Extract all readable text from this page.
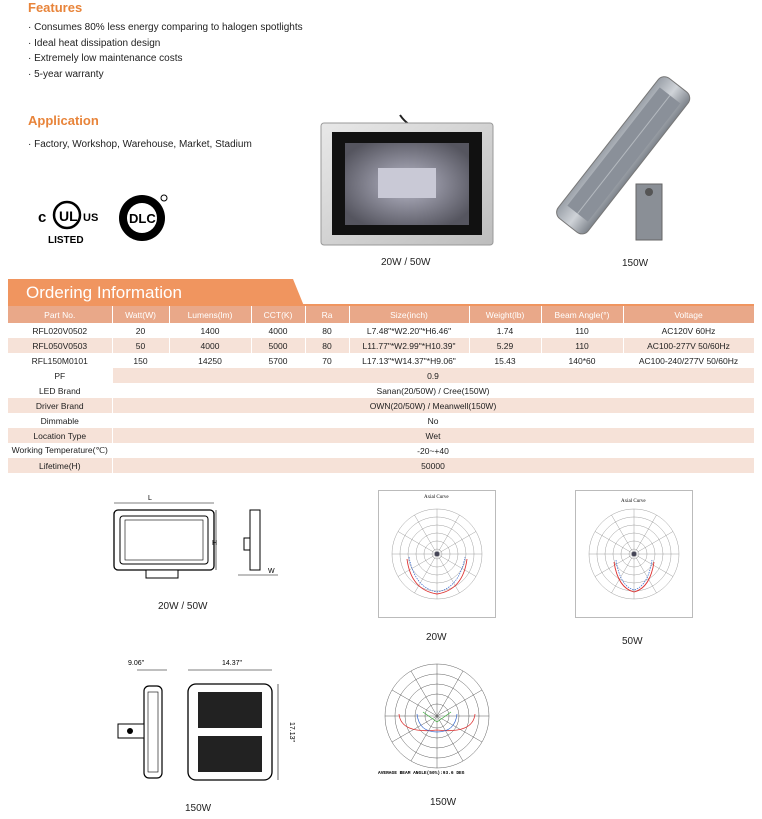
Features
· Consumes 80% less energy comparing to halogen spotlights
· Ideal heat dissipation design
· Extremely low maintenance costs
· 5-year warranty
Application
· Factory, Workshop, Warehouse, Market, Stadium
c UL US
LISTED
DLC
20W / 50W	150W
Ordering Information
Part No.	Watt(W)	Lumens(lm)	CCT(K)	Ra	Size(inch)	Weight(lb)	Beam Angle(°)	Voltage
RFL020V0502	20	1400	4000	80	L7.48"*W2.20"*H6.46"	1.74	110	AC120V 60Hz
RFL050V0503	50	4000	5000	80	L11.77"*W2.99"*H10.39"	5.29	110	AC100-277V 50/60Hz
RFL150M0101	150	14250	5700	70	L17.13"*W14.37"*H9.06"	15.43	140*60	AC100-240/277V 50/60Hz
PF	0.9							
LED Brand	Sanan(20/50W) / Cree(150W)							
Driver Brand	OWN(20/50W) / Meanwell(150W)							
Dimmable	No							
Location Type	Wet							
Working Temperature(℃)	-20~+40							
Lifetime(H)	50000							
L
H
W
20W / 50W
Axial Curve
20W
Axial Curve
50W
9.06"	14.37"
17.13"
150W
AVERAGE BEAM ANGLE(50%):93.6 DEG
150W
